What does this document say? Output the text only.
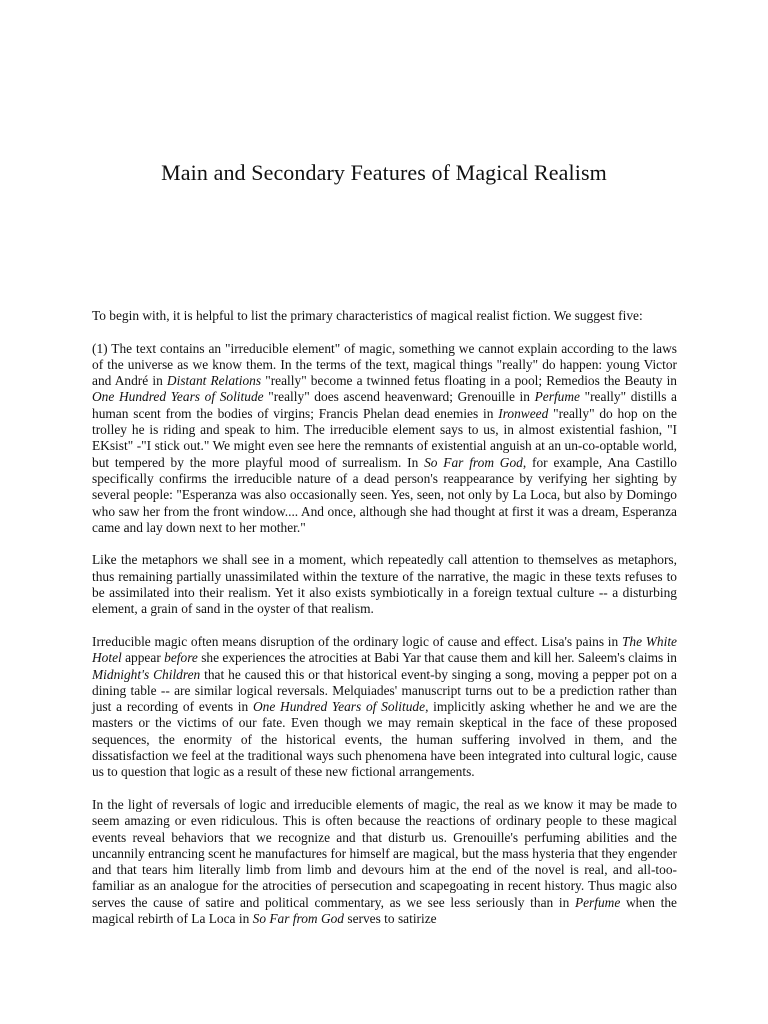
Main and Secondary Features of Magical Realism

To begin with, it is helpful to list the primary characteristics of magical realist fiction. We suggest five:

(1) The text contains an "irreducible element" of magic, something we cannot explain according to the laws of the universe as we know them. In the terms of the text, magical things "really" do happen: young Victor and André in Distant Relations "really" become a twinned fetus floating in a pool; Remedios the Beauty in One Hundred Years of Solitude "really" does ascend heavenward; Grenouille in Perfume "really" distills a human scent from the bodies of virgins; Francis Phelan dead enemies in Ironweed "really" do hop on the trolley he is riding and speak to him. The irreducible element says to us, in almost existential fashion, "I EKsist" -"I stick out." We might even see here the remnants of existential anguish at an un-co-optable world, but tempered by the more playful mood of surrealism. In So Far from God, for example, Ana Castillo specifically confirms the irreducible nature of a dead person's reappearance by verifying her sighting by several people: "Esperanza was also occasionally seen. Yes, seen, not only by La Loca, but also by Domingo who saw her from the front window.... And once, although she had thought at first it was a dream, Esperanza came and lay down next to her mother."

Like the metaphors we shall see in a moment, which repeatedly call attention to themselves as metaphors, thus remaining partially unassimilated within the texture of the narrative, the magic in these texts refuses to be assimilated into their realism. Yet it also exists symbiotically in a foreign textual culture -- a disturbing element, a grain of sand in the oyster of that realism.

Irreducible magic often means disruption of the ordinary logic of cause and effect. Lisa's pains in The White Hotel appear before she experiences the atrocities at Babi Yar that cause them and kill her. Saleem's claims in Midnight's Children that he caused this or that historical event-by singing a song, moving a pepper pot on a dining table -- are similar logical reversals. Melquiades' manuscript turns out to be a prediction rather than just a recording of events in One Hundred Years of Solitude, implicitly asking whether he and we are the masters or the victims of our fate. Even though we may remain skeptical in the face of these proposed sequences, the enormity of the historical events, the human suffering involved in them, and the dissatisfaction we feel at the traditional ways such phenomena have been integrated into cultural logic, cause us to question that logic as a result of these new fictional arrangements.

In the light of reversals of logic and irreducible elements of magic, the real as we know it may be made to seem amazing or even ridiculous. This is often because the reactions of ordinary people to these magical events reveal behaviors that we recognize and that disturb us. Grenouille's perfuming abilities and the uncannily entrancing scent he manufactures for himself are magical, but the mass hysteria that they engender and that tears him literally limb from limb and devours him at the end of the novel is real, and all-too-familiar as an analogue for the atrocities of persecution and scapegoating in recent history. Thus magic also serves the cause of satire and political commentary, as we see less seriously than in Perfume when the magical rebirth of La Loca in So Far from God serves to satirize
